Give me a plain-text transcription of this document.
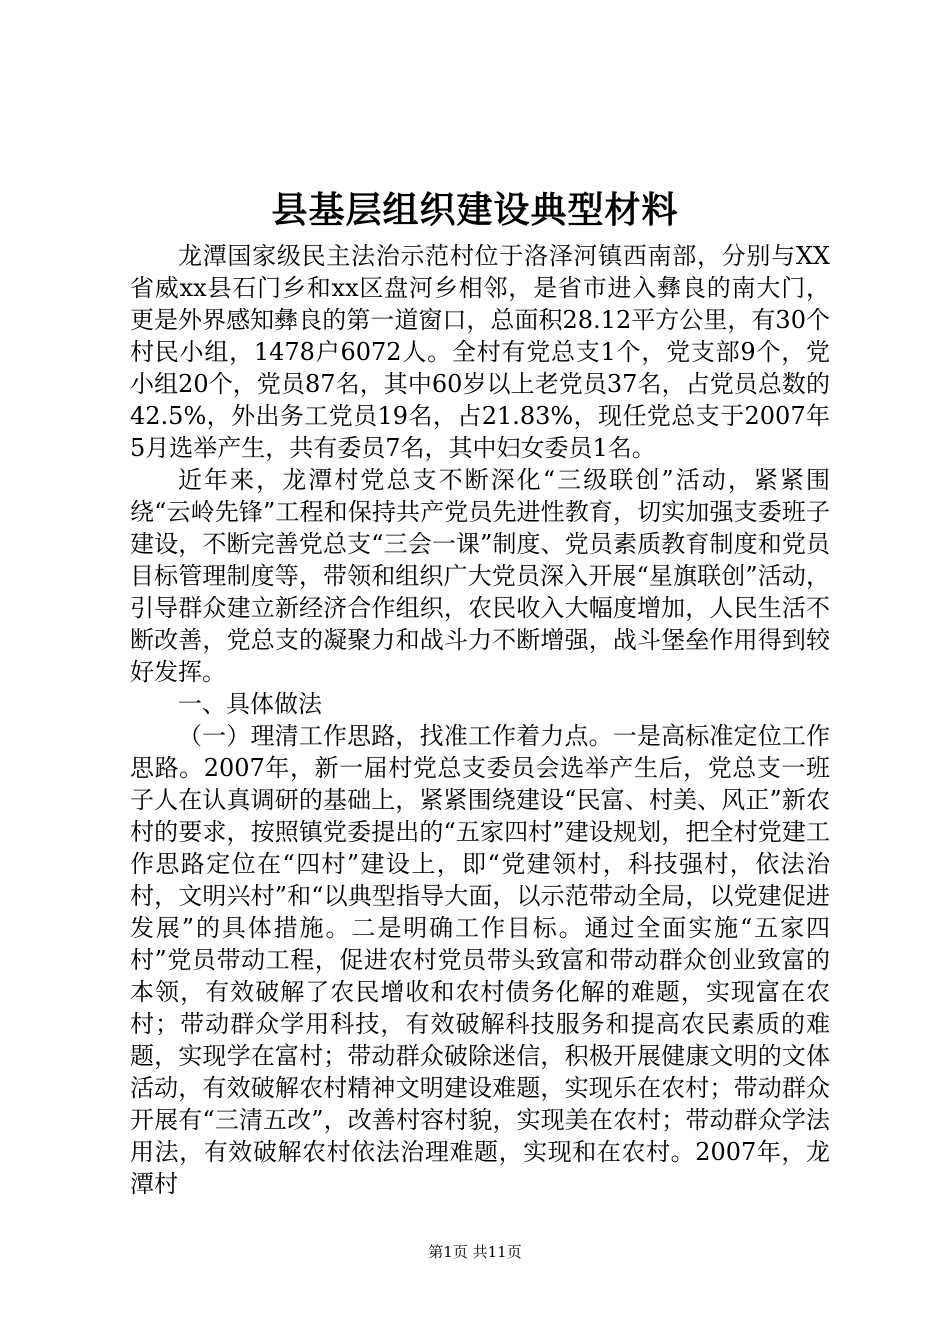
县基层组织建设典型材料

龙潭国家级民主法治示范村位于洛泽河镇西南部，分别与XX省威xx县石门乡和xx区盘河乡相邻，是省市进入彝良的南大门，更是外界感知彝良的第一道窗口，总面积28.12平方公里，有30个村民小组，1478户6072人。全村有党总支1个，党支部9个，党小组20个，党员87名，其中60岁以上老党员37名，占党员总数的42.5%，外出务工党员19名，占21.83%，现任党总支于2007年5月选举产生，共有委员7名，其中妇女委员1名。

近年来，龙潭村党总支不断深化“三级联创”活动，紧紧围绕“云岭先锋”工程和保持共产党员先进性教育，切实加强支委班子建设，不断完善党总支“三会一课”制度、党员素质教育制度和党员目标管理制度等，带领和组织广大党员深入开展“星旗联创”活动，引导群众建立新经济合作组织，农民收入大幅度增加，人民生活不断改善，党总支的凝聚力和战斗力不断增强，战斗堡垒作用得到较好发挥。

一、具体做法

（一）理清工作思路，找准工作着力点。一是高标准定位工作思路。2007年，新一届村党总支委员会选举产生后，党总支一班子人在认真调研的基础上，紧紧围绕建设“民富、村美、风正”新农村的要求，按照镇党委提出的“五家四村”建设规划，把全村党建工作思路定位在“四村”建设上，即“党建领村，科技强村，依法治村，文明兴村”和“以典型指导大面，以示范带动全局，以党建促进发展”的具体措施。二是明确工作目标。通过全面实施“五家四村”党员带动工程，促进农村党员带头致富和带动群众创业致富的本领，有效破解了农民增收和农村债务化解的难题，实现富在农村；带动群众学用科技，有效破解科技服务和提高农民素质的难题，实现学在富村；带动群众破除迷信，积极开展健康文明的文体活动，有效破解农村精神文明建设难题，实现乐在农村；带动群众开展有“三清五改”，改善村容村貌，实现美在农村；带动群众学法用法，有效破解农村依法治理难题，实现和在农村。2007年，龙潭村

第1页 共11页
